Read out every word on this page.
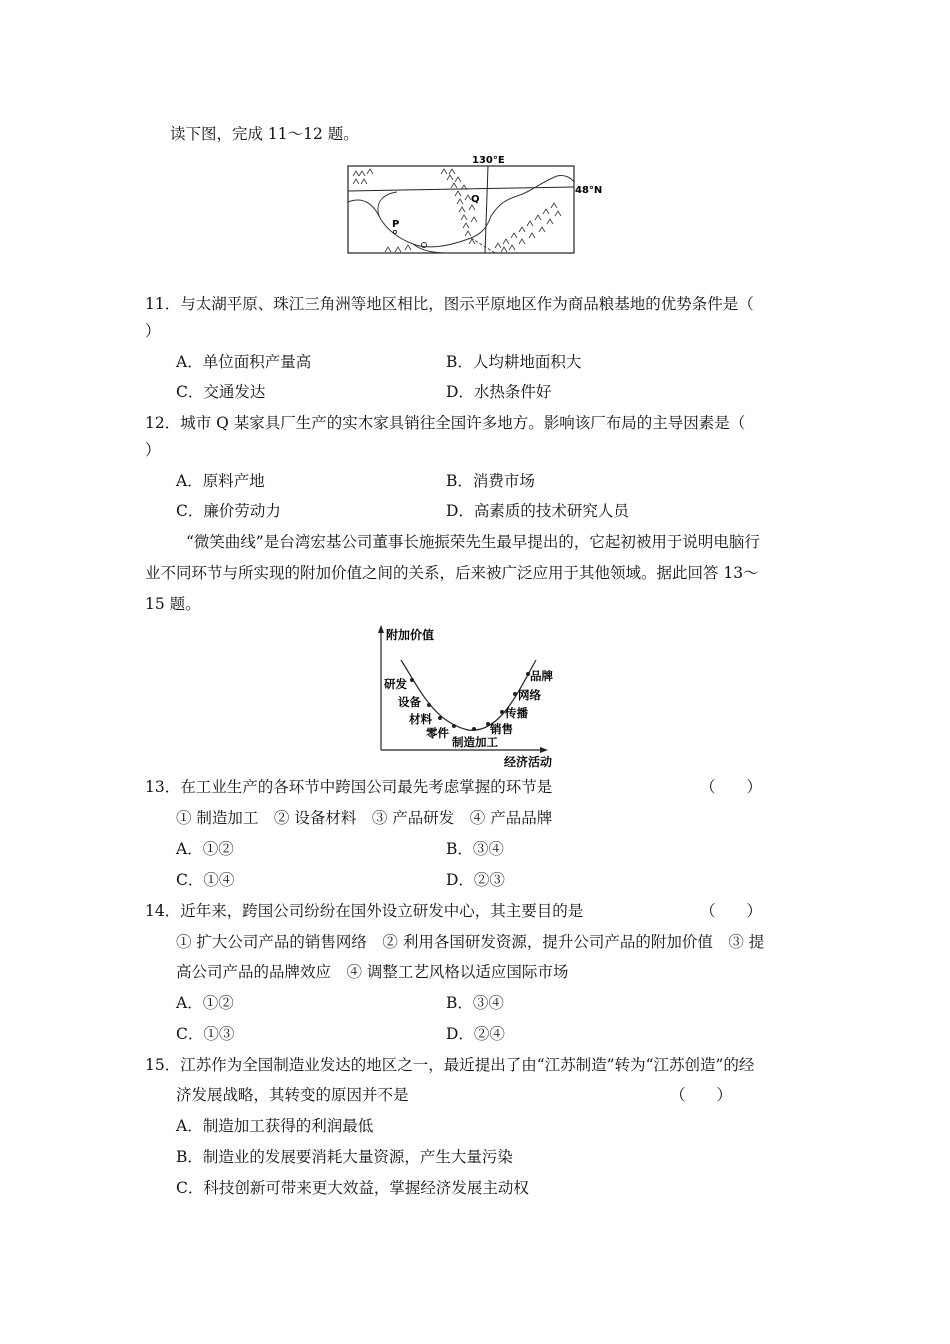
读下图，完成 11～12 题。
P
Q
130°E
48°N
11．与太湖平原、珠江三角洲等地区相比，图示平原地区作为商品粮基地的优势条件是（
）
A．单位面积产量高	B．人均耕地面积大
C．交通发达	D．水热条件好
12．城市 Q 某家具厂生产的实木家具销往全国许多地方。影响该厂布局的主导因素是（
）
A．原料产地	B．消费市场
C．廉价劳动力	D．高素质的技术研究人员
“微笑曲线”是台湾宏基公司董事长施振荣先生最早提出的，它起初被用于说明电脑行
业不同环节与所实现的附加价值之间的关系，后来被广泛应用于其他领域。据此回答 13～
15 题。
附加价值
经济活动
研发
设备
材料
零件
制造加工
销售
传播
网络
品牌
13．在工业生产的各环节中跨国公司最先考虑掌握的环节是	（　　）
① 制造加工　② 设备材料　③ 产品研发　④ 产品品牌
A．①②	B．③④
C．①④	D．②③
14．近年来，跨国公司纷纷在国外设立研发中心，其主要目的是	（　　）
① 扩大公司产品的销售网络　② 利用各国研发资源，提升公司产品的附加价值　③ 提
高公司产品的品牌效应　④ 调整工艺风格以适应国际市场
A．①②	B．③④
C．①③	D．②④
15．江苏作为全国制造业发达的地区之一，最近提出了由“江苏制造”转为“江苏创造”的经
济发展战略，其转变的原因并不是	（　　）
A．制造加工获得的利润最低
B．制造业的发展要消耗大量资源，产生大量污染
C．科技创新可带来更大效益，掌握经济发展主动权
